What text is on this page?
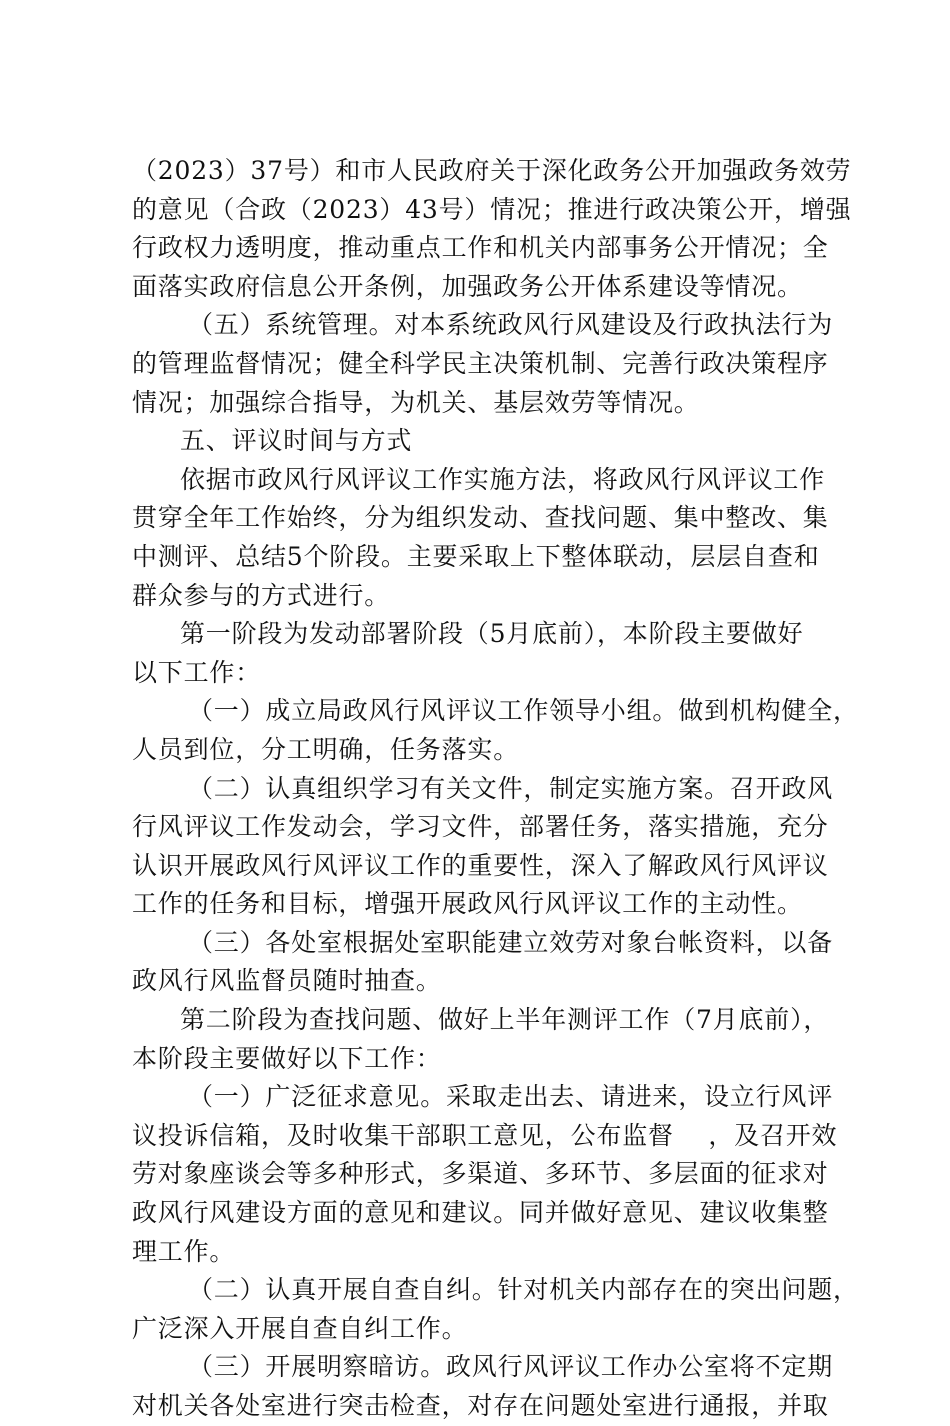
（2023）37号）和市人民政府关于深化政务公开加强政务效劳
的意见（合政（2023）43号）情况；推进行政决策公开，增强
行政权力透明度，推动重点工作和机关内部事务公开情况；全
面落实政府信息公开条例，加强政务公开体系建设等情况。
（五）系统管理。对本系统政风行风建设及行政执法行为
的管理监督情况；健全科学民主决策机制、完善行政决策程序
情况；加强综合指导，为机关、基层效劳等情况。
五、评议时间与方式
依据市政风行风评议工作实施方法，将政风行风评议工作
贯穿全年工作始终，分为组织发动、查找问题、集中整改、集
中测评、总结5个阶段。主要采取上下整体联动，层层自查和
群众参与的方式进行。
第一阶段为发动部署阶段（5月底前），本阶段主要做好
以下工作：
（一）成立局政风行风评议工作领导小组。做到机构健全，
人员到位，分工明确，任务落实。
（二）认真组织学习有关文件，制定实施方案。召开政风
行风评议工作发动会，学习文件，部署任务，落实措施，充分
认识开展政风行风评议工作的重要性，深入了解政风行风评议
工作的任务和目标，增强开展政风行风评议工作的主动性。
（三）各处室根据处室职能建立效劳对象台帐资料，以备
政风行风监督员随时抽查。
第二阶段为查找问题、做好上半年测评工作（7月底前），
本阶段主要做好以下工作：
（一）广泛征求意见。采取走出去、请进来，设立行风评
议投诉信箱，及时收集干部职工意见，公布监督　 ，及召开效
劳对象座谈会等多种形式，多渠道、多环节、多层面的征求对
政风行风建设方面的意见和建议。同并做好意见、建议收集整
理工作。
（二）认真开展自查自纠。针对机关内部存在的突出问题，
广泛深入开展自查自纠工作。
（三）开展明察暗访。政风行风评议工作办公室将不定期
对机关各处室进行突击检查，对存在问题处室进行通报，并取
